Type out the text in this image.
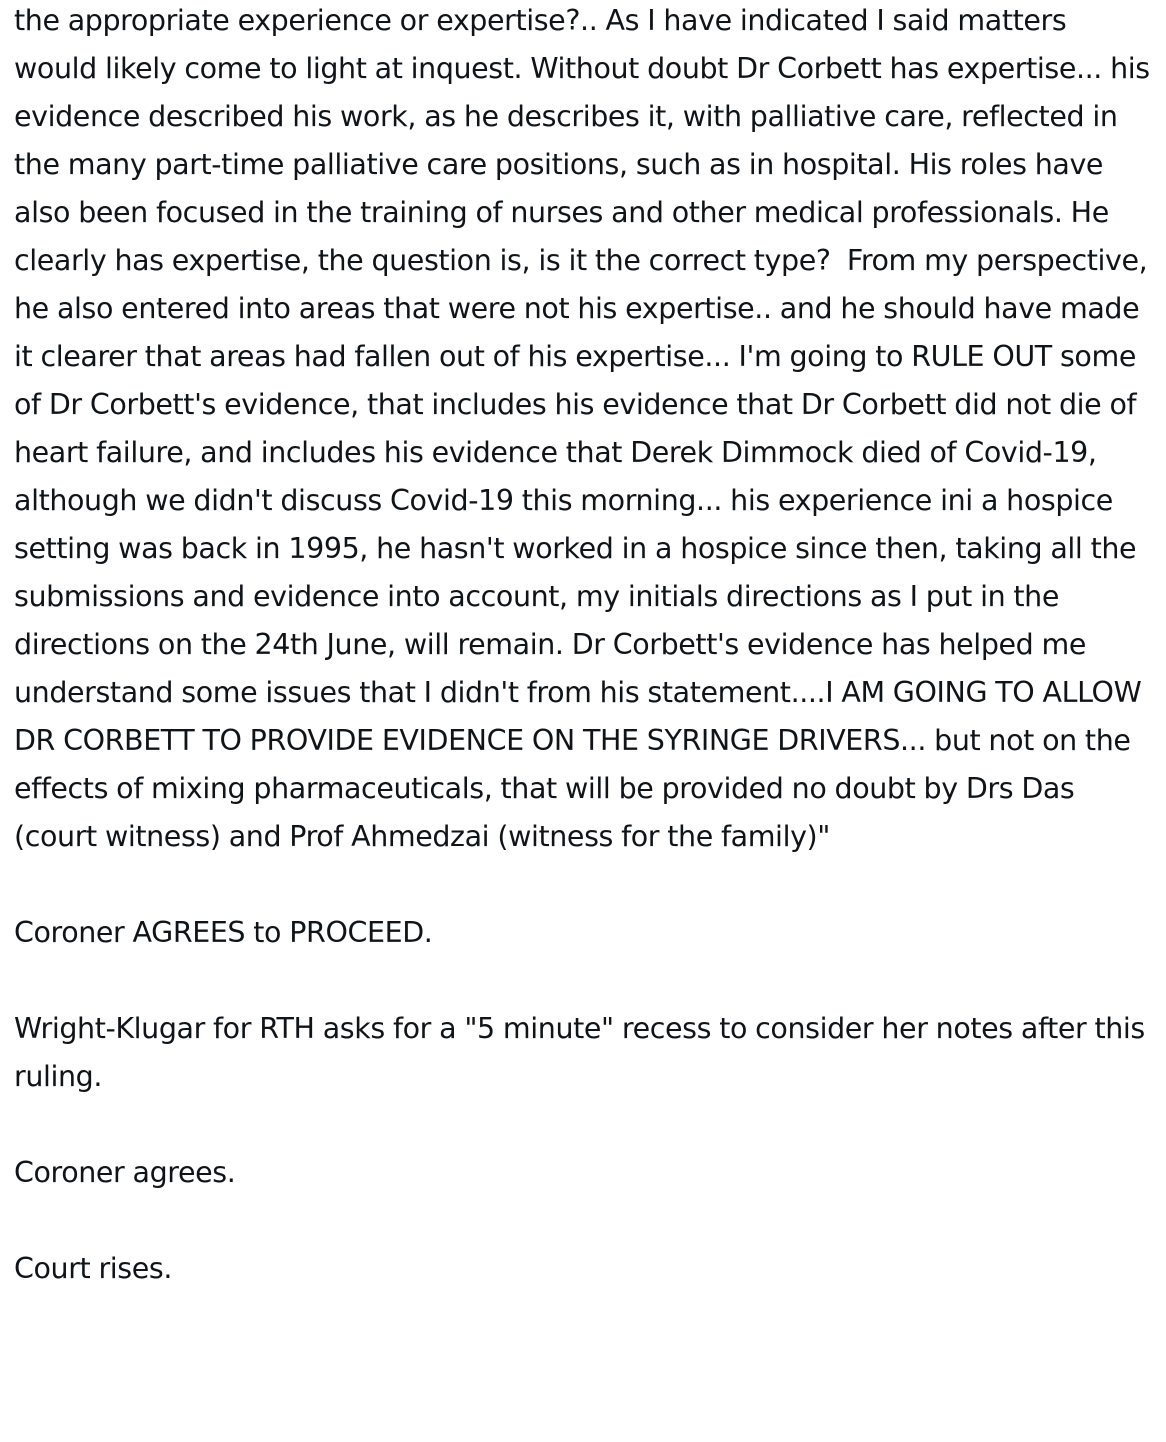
the appropriate experience or expertise?.. As I have indicated I said matters would likely come to light at inquest. Without doubt Dr Corbett has expertise... his evidence described his work, as he describes it, with palliative care, reflected in the many part-time palliative care positions, such as in hospital. His roles have also been focused in the training of nurses and other medical professionals. He clearly has expertise, the question is, is it the correct type?  From my perspective, he also entered into areas that were not his expertise.. and he should have made it clearer that areas had fallen out of his expertise... I'm going to RULE OUT some of Dr Corbett's evidence, that includes his evidence that Dr Corbett did not die of heart failure, and includes his evidence that Derek Dimmock died of Covid-19, although we didn't discuss Covid-19 this morning... his experience ini a hospice setting was back in 1995, he hasn't worked in a hospice since then, taking all the submissions and evidence into account, my initials directions as I put in the directions on the 24th June, will remain. Dr Corbett's evidence has helped me understand some issues that I didn't from his statement....I AM GOING TO ALLOW DR CORBETT TO PROVIDE EVIDENCE ON THE SYRINGE DRIVERS... but not on the effects of mixing pharmaceuticals, that will be provided no doubt by Drs Das (court witness) and Prof Ahmedzai (witness for the family)"

Coroner AGREES to PROCEED.

Wright-Klugar for RTH asks for a "5 minute" recess to consider her notes after this ruling.

Coroner agrees.

Court rises.
